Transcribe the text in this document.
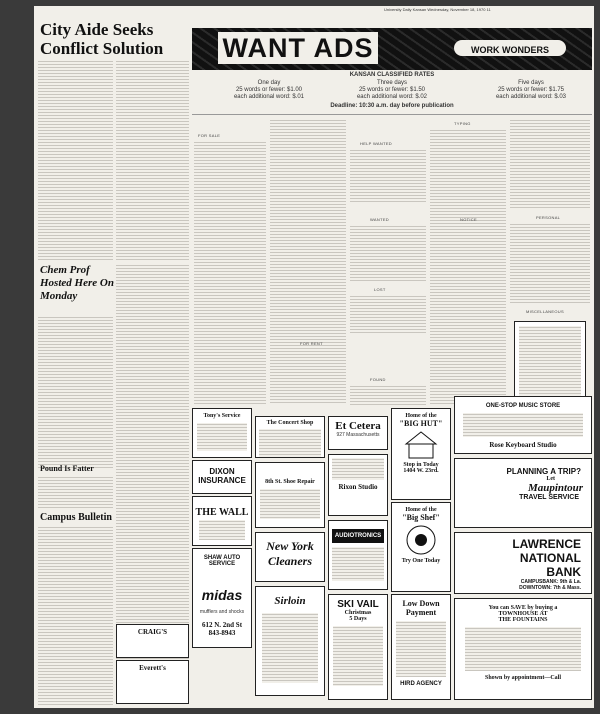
University Daily Kansan Wednesday, November 18, 1970 11
City Aide Seeks
Conflict Solution
Chem Prof Hosted Here On Monday
Pound Is Fatter
Campus Bulletin
WANT ADS	WORK WONDERS
KANSAN CLASSIFIED RATES
One day
25 words or fewer: $1.00
each additional word: $.01
Three days
25 words or fewer: $1.50
each additional word: $.02
Five days
25 words or fewer: $1.75
each additional word: $.03
Deadline: 10:30 a.m. day before publication
FOR SALE
HELP WANTED
WANTED
LOST
FOUND
FOR RENT
TYPING
NOTICE	PERSONAL
MISCELLANEOUS
Tony's Service
DIXON INSURANCE
THE WALL
SHAW AUTO SERVICE
midas
mufflers and shocks
612 N. 2nd St
843-8943
CRAIG'S
Everett's
The Concert Shop
8th St. Shoe Repair
New York
Cleaners
Sirloin
Et Cetera
927 Massachusetts
Rixon Studio
AUDIOTRONICS
SKI VAIL
Christmas
5 Days
Home of the
"BIG HUT"
Stop in Today
1404 W. 23rd.
Home of the
"Big Shef"
Try One Today
Low Down
Payment
HIRD AGENCY
ONE-STOP MUSIC STORE
Rose Keyboard Studio
PLANNING A TRIP?
Let
Maupintour
TRAVEL SERVICE
LAWRENCE
NATIONAL
BANK
CAMPUSBANK: 9th & La.
DOWNTOWN: 7th & Mass.
You can SAVE by buying a
TOWNHOUSE AT
THE FOUNTAINS
Shown by appointment—Call
